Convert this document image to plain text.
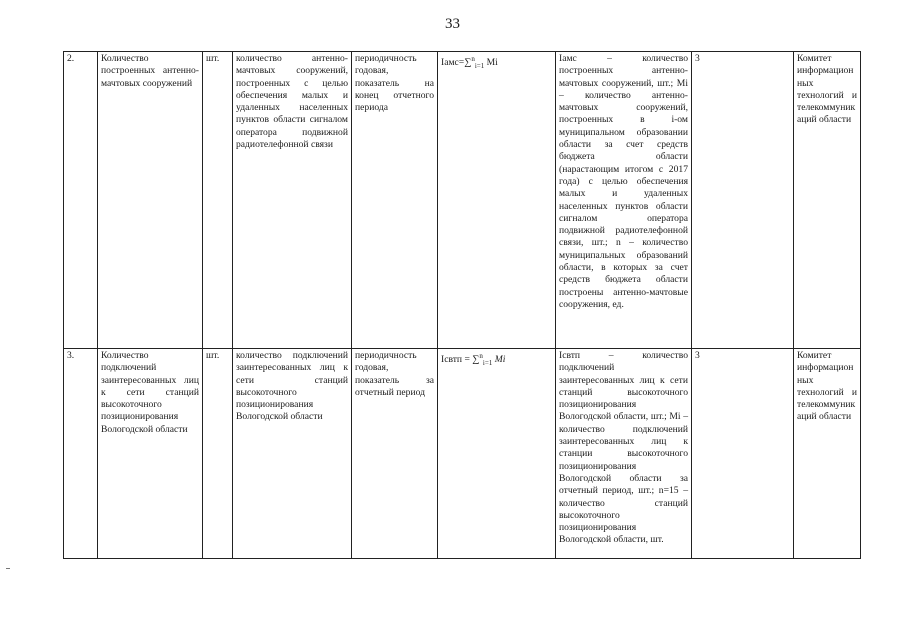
33
2.	Количество построенных антенно-мачтовых сооружений	шт.	количество антенно-мачтовых сооружений, построенных с целью обеспечения малых и удаленных населенных пунктов области сигналом оператора подвижной радиотелефонной связи	периодичность годовая, показатель на конец отчетного периода	Iамс=∑$^n_{i=1}$ Mi	Iамс – количество построенных антенно-мачтовых сооружений, шт.; Mi – количество антенно-мачтовых сооружений, построенных в i-ом муниципальном образовании области за счет средств бюджета области (нарастающим итогом с 2017 года) с целью обеспечения малых и удаленных населенных пунктов области сигналом оператора подвижной радиотелефонной связи, шт.; n – количество муниципальных образований области, в которых за счет средств бюджета области построены антенно-мачтовые сооружения, ед.	3	Комитет информационных технологий и телекоммуникаций области
3.	Количество подключений заинтересованных лиц к сети станций высокоточного позиционирования Вологодской области	шт.	количество подключений заинтересованных лиц к сети станций высокоточного позиционирования Вологодской области	периодичность годовая, показатель за отчетный период	Iсвтп = ∑$^n_{i=1}$ Mi	Iсвтп – количество подключений заинтересованных лиц к сети станций высокоточного позиционирования Вологодской области, шт.; Mi – количество подключений заинтересованных лиц к станции высокоточного позиционирования Вологодской области за отчетный период, шт.; n=15 – количество станций высокоточного позиционирования Вологодской области, шт.	3	Комитет информационных технологий и телекоммуникаций области
